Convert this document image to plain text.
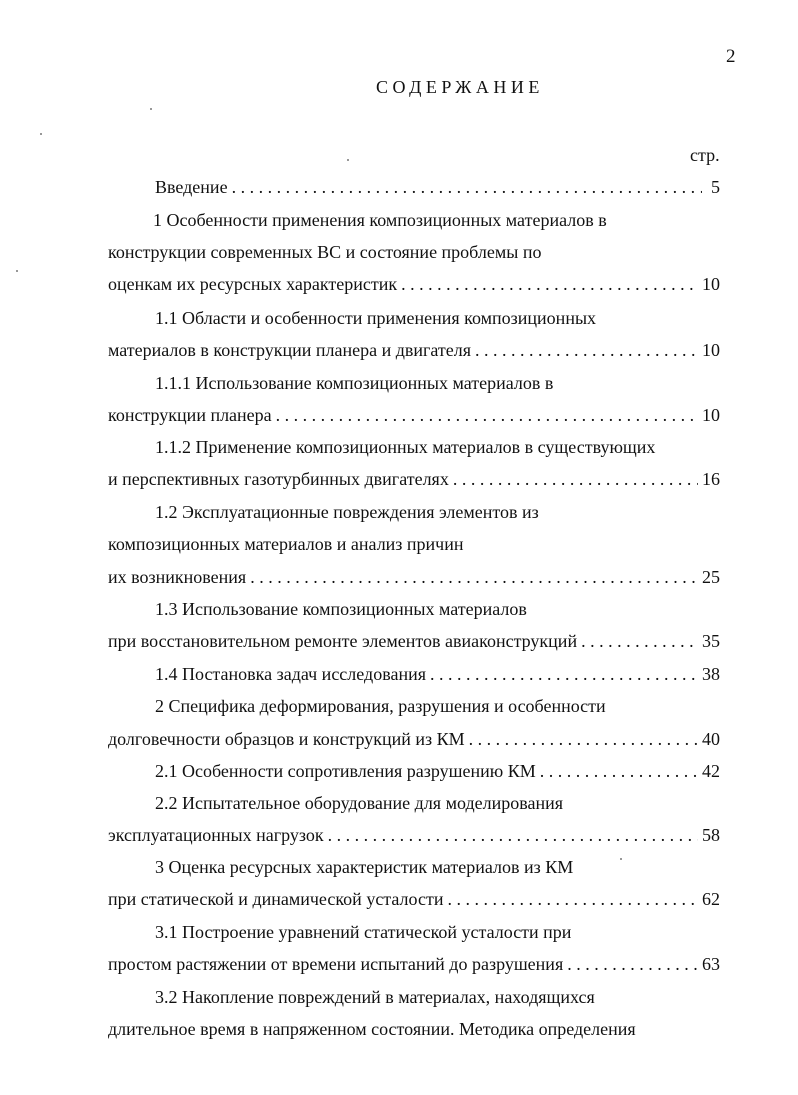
2
СОДЕРЖАНИЕ
стр.
Введение . . .	5
1 Особенности применения композиционных материалов в
конструкции современных ВС и состояние проблемы по
оценкам их ресурсных характеристик . . .	10
1.1 Области и особенности применения композиционных
материалов в конструкции планера и двигателя . . .	10
1.1.1 Использование композиционных материалов в
конструкции планера . . .	10
1.1.2 Применение композиционных материалов в существующих
и перспективных газотурбинных двигателях . . .	16
1.2 Эксплуатационные повреждения элементов из
композиционных материалов и анализ причин
их возникновения . . .	25
1.3 Использование композиционных материалов
при восстановительном ремонте элементов авиаконструкций . . .	35
1.4 Постановка задач исследования . . .	38
2 Специфика деформирования, разрушения и особенности
долговечности образцов и конструкций из КМ . . .	40
2.1 Особенности сопротивления разрушению КМ . . .	42
2.2 Испытательное оборудование для моделирования
эксплуатационных нагрузок . . .	58
3 Оценка ресурсных характеристик материалов из КМ
при статической и динамической усталости . . .	62
3.1 Построение уравнений статической усталости при
простом растяжении от времени испытаний до разрушения . . .	63
3.2 Накопление повреждений в материалах, находящихся
длительное время в напряженном состоянии. Методика определения
